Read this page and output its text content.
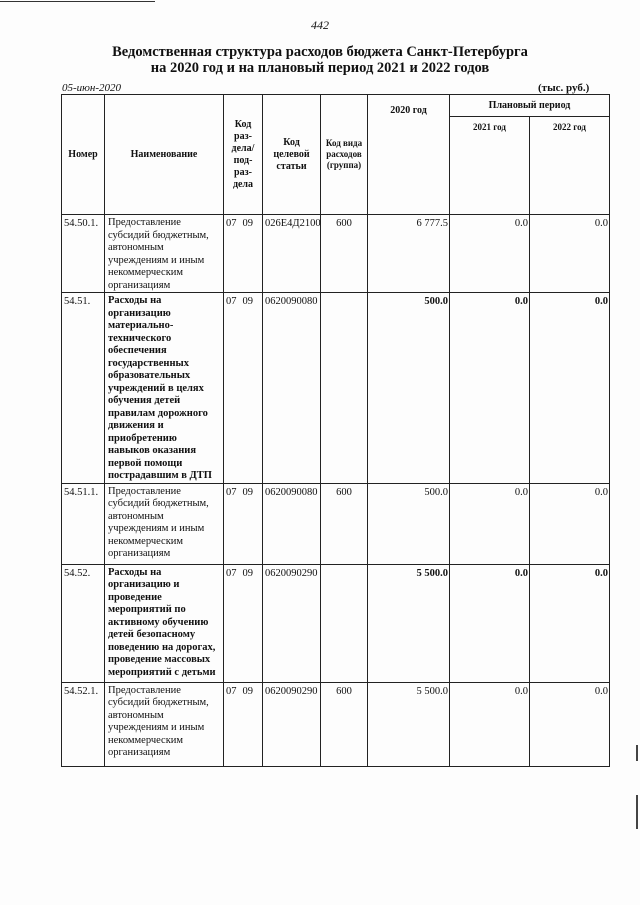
442
Ведомственная структура расходов бюджета Санкт-Петербурга
на 2020 год и на плановый период 2021 и 2022 годов
05-июн-2020	(тыс. руб.)
Номер	Наименование	Код раз- дела/ под- раз- дела	Код целевой статьи	Код вида расходов (группа)	2020 год	Плановый период	
						2021 год	2022 год
54.50.1.	Предоставление субсидий бюджетным, автономным учреждениям и иным некоммерческим организациям	07 09	026Е4Д2100	600	6 777.5	0.0	0.0
54.51.	Расходы на организацию материально-технического обеспечения государственных образовательных учреждений в целях обучения детей правилам дорожного движения и приобретению навыков оказания первой помощи пострадавшим в ДТП	07 09	0620090080		500.0	0.0	0.0
54.51.1.	Предоставление субсидий бюджетным, автономным учреждениям и иным некоммерческим организациям	07 09	0620090080	600	500.0	0.0	0.0
54.52.	Расходы на организацию и проведение мероприятий по активному обучению детей безопасному поведению на дорогах, проведение массовых мероприятий с детьми	07 09	0620090290		5 500.0	0.0	0.0
54.52.1.	Предоставление субсидий бюджетным, автономным учреждениям и иным некоммерческим организациям	07 09	0620090290	600	5 500.0	0.0	0.0
